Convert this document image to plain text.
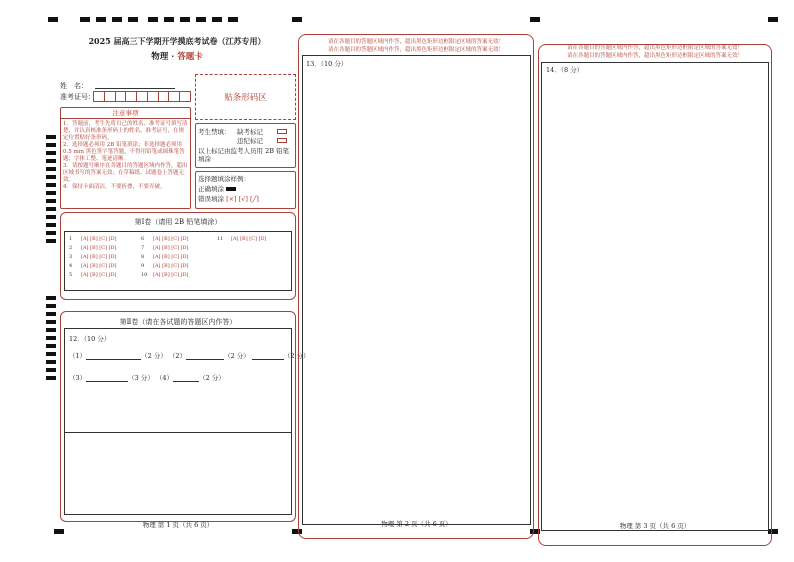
2025 届高三下学期开学摸底考试卷（江苏专用）
物理 · 答题卡
姓　名：
准考证号：	贴条形码区
注意事项
1．答题前，考生先将自己的姓名、准考证号填写清楚，并认真核准条形码上的姓名、准考证号，在规定位置贴好条形码。
2．选择题必须用 2B 铅笔填涂；非选择题必须用 0.5 mm 黑色签字笔答题，不得用铅笔或圆珠笔答题；字体工整、笔迹清晰。
3．请按题号顺序在各题目的答题区域内作答，超出区域书写的答案无效；在草稿纸、试题卷上答题无效。
4．保持卡面清洁，不要折叠，不要弄破。
考生禁填： 缺考标记
违纪标记
以上标记由监考人员用 2B 铅笔填涂
选择题填涂样例：
正确填涂
错误填涂 [×] [√] [╱]
第Ⅰ卷（请用 2B 铅笔填涂）
1	[A] [B] [C] [D]
2	[A] [B] [C] [D]
3	[A] [B] [C] [D]
4	[A] [B] [C] [D]
5	[A] [B] [C] [D]
6	[A] [B] [C] [D]
7	[A] [B] [C] [D]
8	[A] [B] [C] [D]
9	[A] [B] [C] [D]
10	[A] [B] [C] [D]
11	[A] [B] [C] [D]
第Ⅱ卷（请在各试题的答题区内作答）
12．（10 分）
（1）	（2 分） （2）	（2 分）	（2 分）
（3）	（3 分） （4）	（2 分）
物理 第 1 页（共 6 页）
请在各题目的答题区域内作答，超出黑色矩形边框限定区域的答案无效！
请在各题目的答题区域内作答，超出黑色矩形边框限定区域的答案无效！
13．（10 分）
物理 第 2 页（共 6 页）
请在各题目的答题区域内作答，超出黑色矩形边框限定区域的答案无效！
请在各题目的答题区域内作答，超出黑色矩形边框限定区域的答案无效！
14．（8 分）
物理 第 3 页（共 6 页）
